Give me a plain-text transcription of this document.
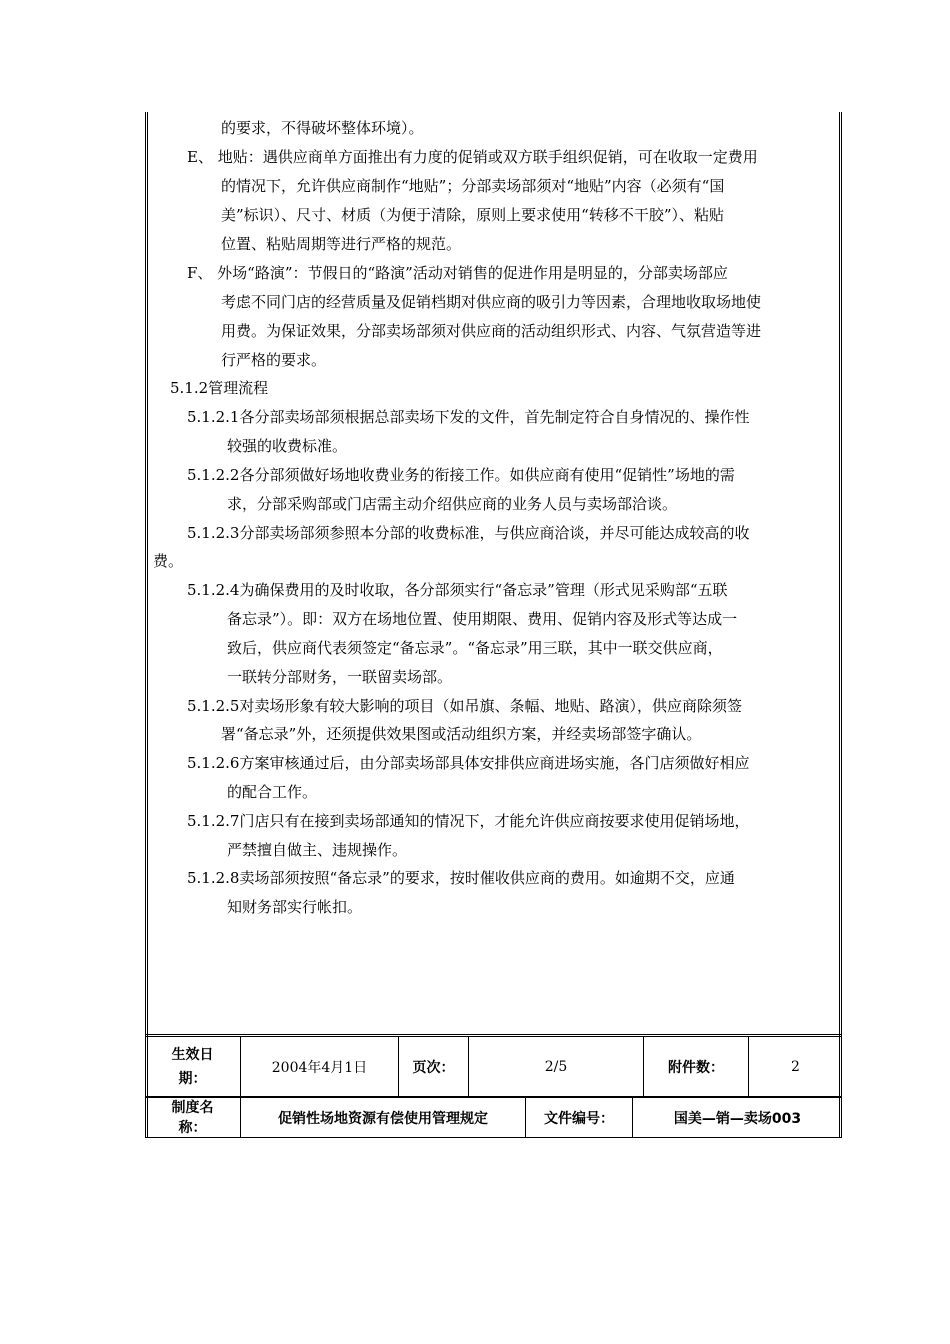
的要求，不得破坏整体环境）。
E、 地贴：遇供应商单方面推出有力度的促销或双方联手组织促销，可在收取一定费用
的情况下，允许供应商制作“地贴”；分部卖场部须对“地贴”内容（必须有“国
美”标识）、尺寸、材质（为便于清除，原则上要求使用“转移不干胶”）、粘贴
位置、粘贴周期等进行严格的规范。
F、 外场“路演”：节假日的“路演”活动对销售的促进作用是明显的，分部卖场部应
考虑不同门店的经营质量及促销档期对供应商的吸引力等因素，合理地收取场地使
用费。为保证效果，分部卖场部须对供应商的活动组织形式、内容、气氛营造等进
行严格的要求。
5.1.2管理流程
5.1.2.1各分部卖场部须根据总部卖场下发的文件，首先制定符合自身情况的、操作性
较强的收费标准。
5.1.2.2各分部须做好场地收费业务的衔接工作。如供应商有使用“促销性”场地的需
求，分部采购部或门店需主动介绍供应商的业务人员与卖场部洽谈。
5.1.2.3分部卖场部须参照本分部的收费标准，与供应商洽谈，并尽可能达成较高的收
费。
5.1.2.4为确保费用的及时收取，各分部须实行“备忘录”管理（形式见采购部“五联
备忘录”）。即：双方在场地位置、使用期限、费用、促销内容及形式等达成一
致后，供应商代表须签定“备忘录”。“备忘录”用三联，其中一联交供应商，
一联转分部财务，一联留卖场部。
5.1.2.5对卖场形象有较大影响的项目（如吊旗、条幅、地贴、路演），供应商除须签
署“备忘录”外，还须提供效果图或活动组织方案，并经卖场部签字确认。
5.1.2.6方案审核通过后，由分部卖场部具体安排供应商进场实施，各门店须做好相应
的配合工作。
5.1.2.7门店只有在接到卖场部通知的情况下，才能允许供应商按要求使用促销场地，
严禁擅自做主、违规操作。
5.1.2.8卖场部须按照“备忘录”的要求，按时催收供应商的费用。如逾期不交，应通
知财务部实行帐扣。
生效日
期：
2004年4月1日	页次：	2/5	附件数：	2
制度名
称：
促销性场地资源有偿使用管理规定	文件编号：	国美—销—卖场003
